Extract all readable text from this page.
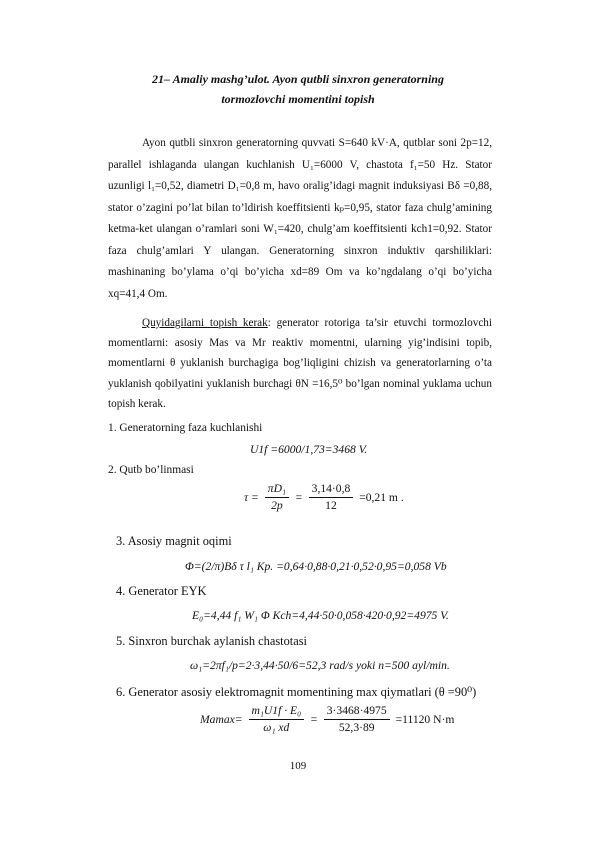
21– Amaliy mashg’ulot. Ayon qutbli sinxron generatorning
tormozlovchi momentini topish
Ayon qutbli sinxron generatorning quvvati S=640 kV·A, qutblar soni 2p=12, parallel ishlaganda ulangan kuchlanish U₁=6000 V, chastota f₁=50 Hz. Stator uzunligi l₁=0,52, diametri D₁=0,8 m, havo oralig’idagi magnit induksiyasi Bδ =0,88, stator o’zagini po’lat bilan to’ldirish koeffitsienti kₚ=0,95, stator faza chulg’amining ketma-ket ulangan o’ramlari soni W₁=420, chulg’am koeffitsienti kch1=0,92. Stator faza chulg’amlari Y ulangan. Generatorning sinxron induktiv qarshiliklari: mashinaning bo’ylama o’qi bo’yicha xd=89 Om va ko’ngdalang o’qi bo’yicha xq=41,4 Om.
Quyidagilarni topish kerak: generator rotoriga ta’sir etuvchi tormozlovchi momentlarni: asosiy Mas va Mr reaktiv momentni, ularning yig’indisini topib, momentlarni θ yuklanish burchagiga bog’liqligini chizish va generatorlarning o’ta yuklanish qobilyatini yuklanish burchagi θN =16,5⁰ bo’lgan nominal yuklama uchun topish kerak.
1. Generatorning faza kuchlanishi
U1f =6000/1,73=3468 V.
2. Qutb bo’linmasi
$\tau = \frac{\text{πD₁}}{2p} = \frac{3,14\cdot 0,8}{12} =0,21$ m .
3. Asosiy magnit oqimi
Φ=(2/π)Bδ τ l₁ Kp. =0,64·0,88·0,21·0,52·0,95=0,058 Vb
4. Generator EYK
E₀=4,44 f₁ W₁ Φ Kch=4,44·50·0,058·420·0,92=4975 V.
5. Sinxron burchak aylanish chastotasi
ω₁=2πf₁/p=2·3,44·50/6=52,3 rad/s yoki n=500 ayl/min.
6. Generator asosiy elektromagnit momentining max qiymatlari (θ =90⁰)
$Mamax= \frac{\text{m₁U1f · E₀}}{\text{ω₁ xd}} = \frac{3\cdot 3468\cdot 4975}{52,3\cdot 89} =11120$ N·m
109
